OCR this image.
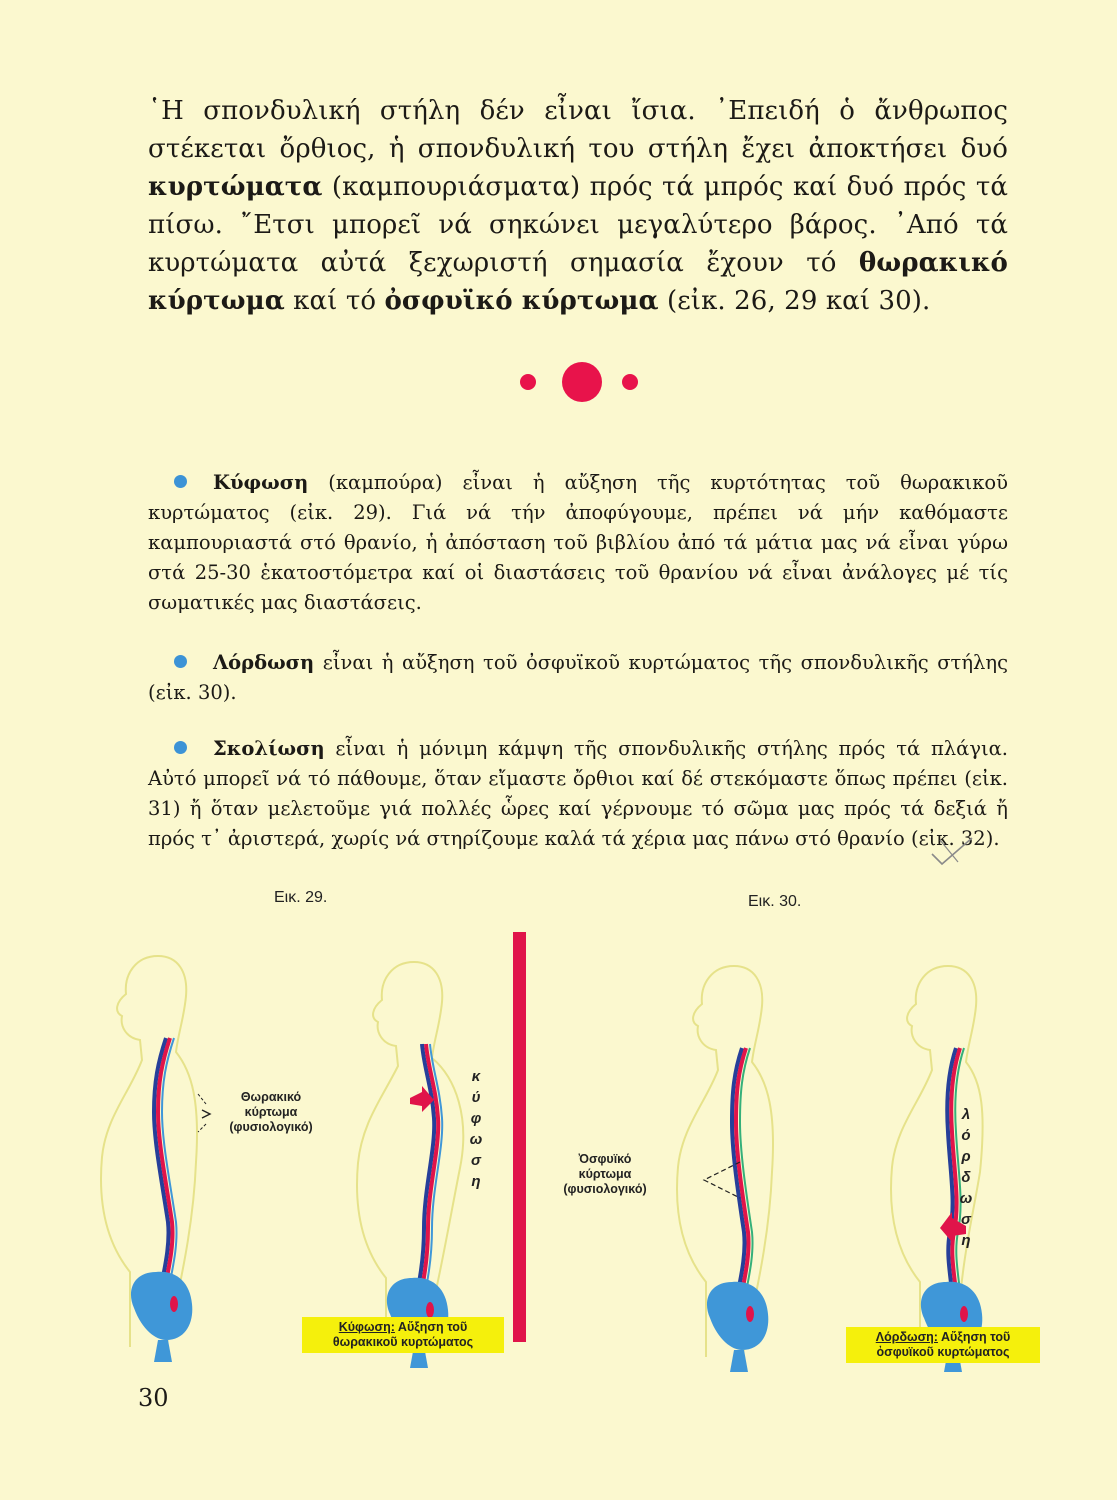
῾Η σπονδυλική στήλη δέν εἶναι ἴσια. ᾿Επειδή ὁ ἄνθρωπος στέκεται ὄρθιος, ἡ σπονδυλική του στήλη ἔχει ἀποκτήσει δυό κυρτώματα (καμπουριάσματα) πρός τά μπρός καί δυό πρός τά πίσω. ῎Ετσι μπορεῖ νά σηκώνει μεγαλύτερο βάρος. ᾿Από τά κυρτώματα αὐτά ξεχωριστή σημασία ἔχουν τό θωρακικό κύρτωμα καί τό ὀσφυϊκό κύρτωμα (εἰκ. 26, 29 καί 30).

Κύφωση (καμπούρα) εἶναι ἡ αὔξηση τῆς κυρτότητας τοῦ θωρακικοῦ κυρτώματος (εἰκ. 29). Γιά νά τήν ἀποφύγουμε, πρέπει νά μήν καθόμαστε καμπουριαστά στό θρανίο, ἡ ἀπόσταση τοῦ βιβλίου ἀπό τά μάτια μας νά εἶναι γύρω στά 25-30 ἑκατοστόμετρα καί οἱ διαστάσεις τοῦ θρανίου νά εἶναι ἀνάλογες μέ τίς σωματικές μας διαστάσεις.

Λόρδωση εἶναι ἡ αὔξηση τοῦ ὀσφυϊκοῦ κυρτώματος τῆς σπονδυλικῆς στήλης (εἰκ. 30).

Σκολίωση εἶναι ἡ μόνιμη κάμψη τῆς σπονδυλικῆς στήλης πρός τά πλάγια. Αὐτό μπορεῖ νά τό πάθουμε, ὅταν εἴμαστε ὄρθιοι καί δέ στεκόμαστε ὅπως πρέπει (εἰκ. 31) ἤ ὅταν μελετοῦμε γιά πολλές ὧρες καί γέρνουμε τό σῶμα μας πρός τά δεξιά ἤ πρός τ᾿ ἀριστερά, χωρίς νά στηρίζουμε καλά τά χέρια μας πάνω στό θρανίο (εἰκ. 32).

Εικ. 29.	Εικ. 30.
Θωρακικό
κύρτωμα
(φυσιολογικό)
κ
ύ
φ
ω
σ
η
Κύφωση: Αὔξηση τοῦ
θωρακικοῦ κυρτώματος
Ὀσφυϊκό
κύρτωμα
(φυσιολογικό)
λ
ό
ρ
δ
ω
σ
η
Λόρδωση: Αὔξηση τοῦ
ὀσφυϊκοῦ κυρτώματος
30
